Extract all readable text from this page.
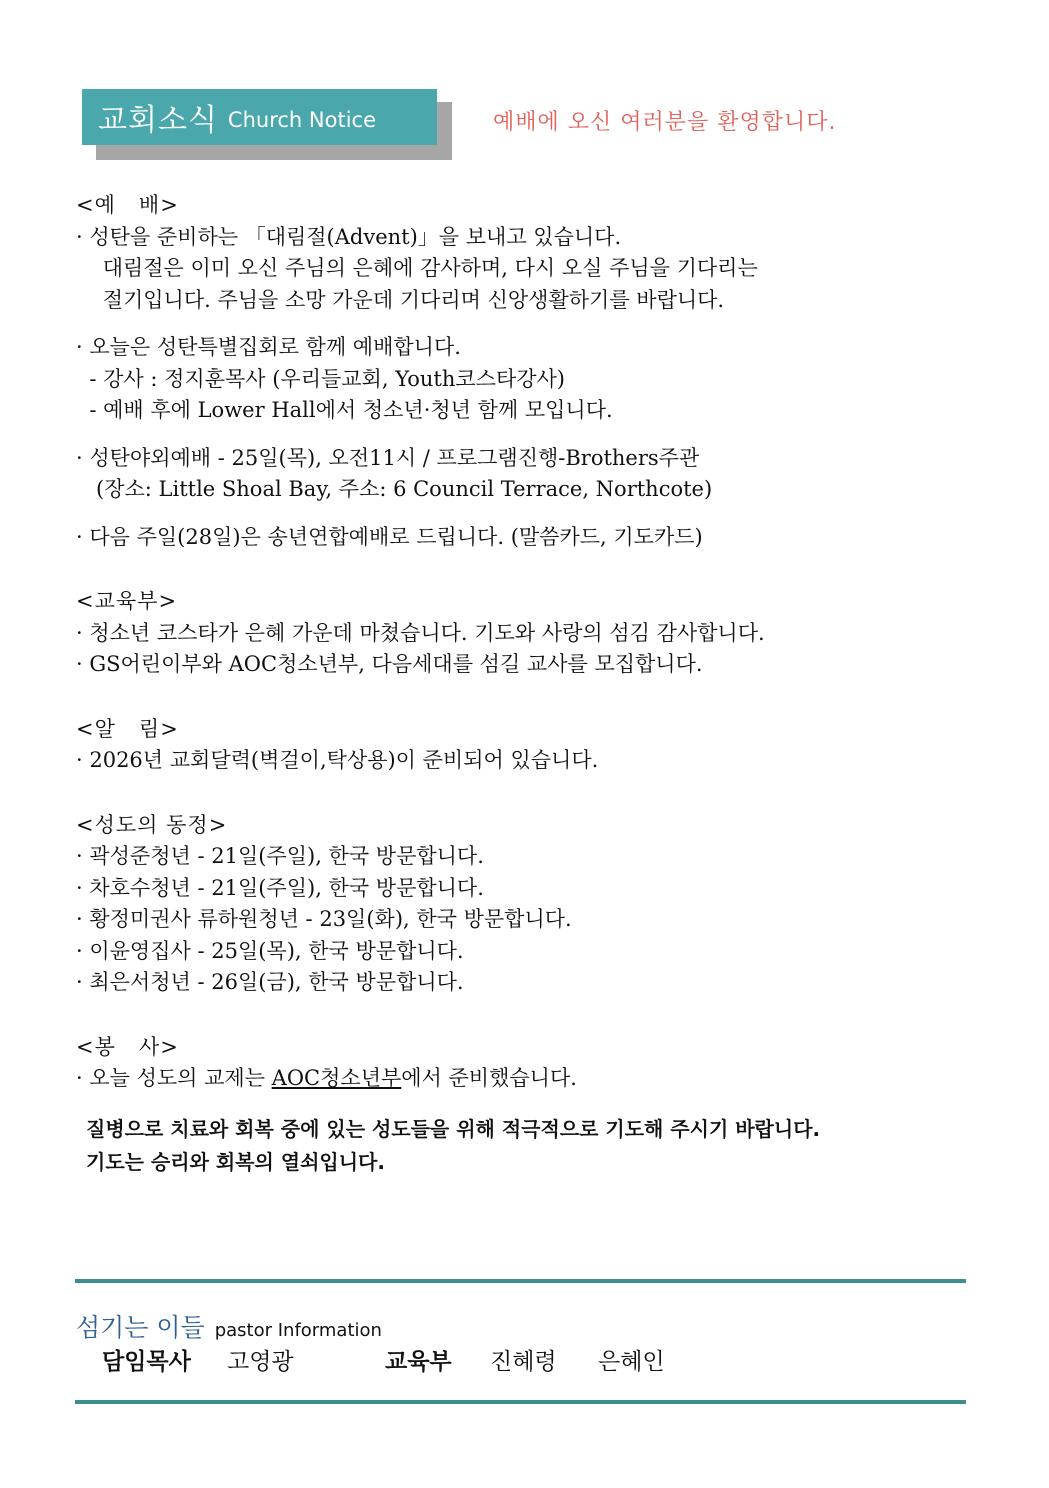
교회소식 Church Notice	예배에 오신 여러분을 환영합니다.

<예   배>

· 성탄을 준비하는 「대림절(Advent)」을 보내고 있습니다.

대림절은 이미 오신 주님의 은혜에 감사하며, 다시 오실 주님을 기다리는

절기입니다. 주님을 소망 가운데 기다리며 신앙생활하기를 바랍니다.

· 오늘은 성탄특별집회로 함께 예배합니다.

- 강사 : 정지훈목사 (우리들교회, Youth코스타강사)

- 예배 후에 Lower Hall에서 청소년·청년 함께 모입니다.

· 성탄야외예배 - 25일(목), 오전11시 / 프로그램진행-Brothers주관

(장소: Little Shoal Bay, 주소: 6 Council Terrace, Northcote)

· 다음 주일(28일)은 송년연합예배로 드립니다. (말씀카드, 기도카드)

<교육부>

· 청소년 코스타가 은혜 가운데 마쳤습니다. 기도와 사랑의 섬김 감사합니다.

· GS어린이부와 AOC청소년부, 다음세대를 섬길 교사를 모집합니다.

<알   림>

· 2026년 교회달력(벽걸이,탁상용)이 준비되어 있습니다.

<성도의 동정>

· 곽성준청년 - 21일(주일), 한국 방문합니다.

· 차호수청년 - 21일(주일), 한국 방문합니다.

· 황정미권사 류하원청년 - 23일(화), 한국 방문합니다.

· 이윤영집사 - 25일(목), 한국 방문합니다.

· 최은서청년 - 26일(금), 한국 방문합니다.

<봉   사>

· 오늘 성도의 교제는 AOC청소년부에서 준비했습니다.

질병으로 치료와 회복 중에 있는 성도들을 위해 적극적으로 기도해 주시기 바랍니다.
기도는 승리와 회복의 열쇠입니다.
섬기는 이들 pastor Information
담임목사 고영광	교육부 진혜령 은혜인
